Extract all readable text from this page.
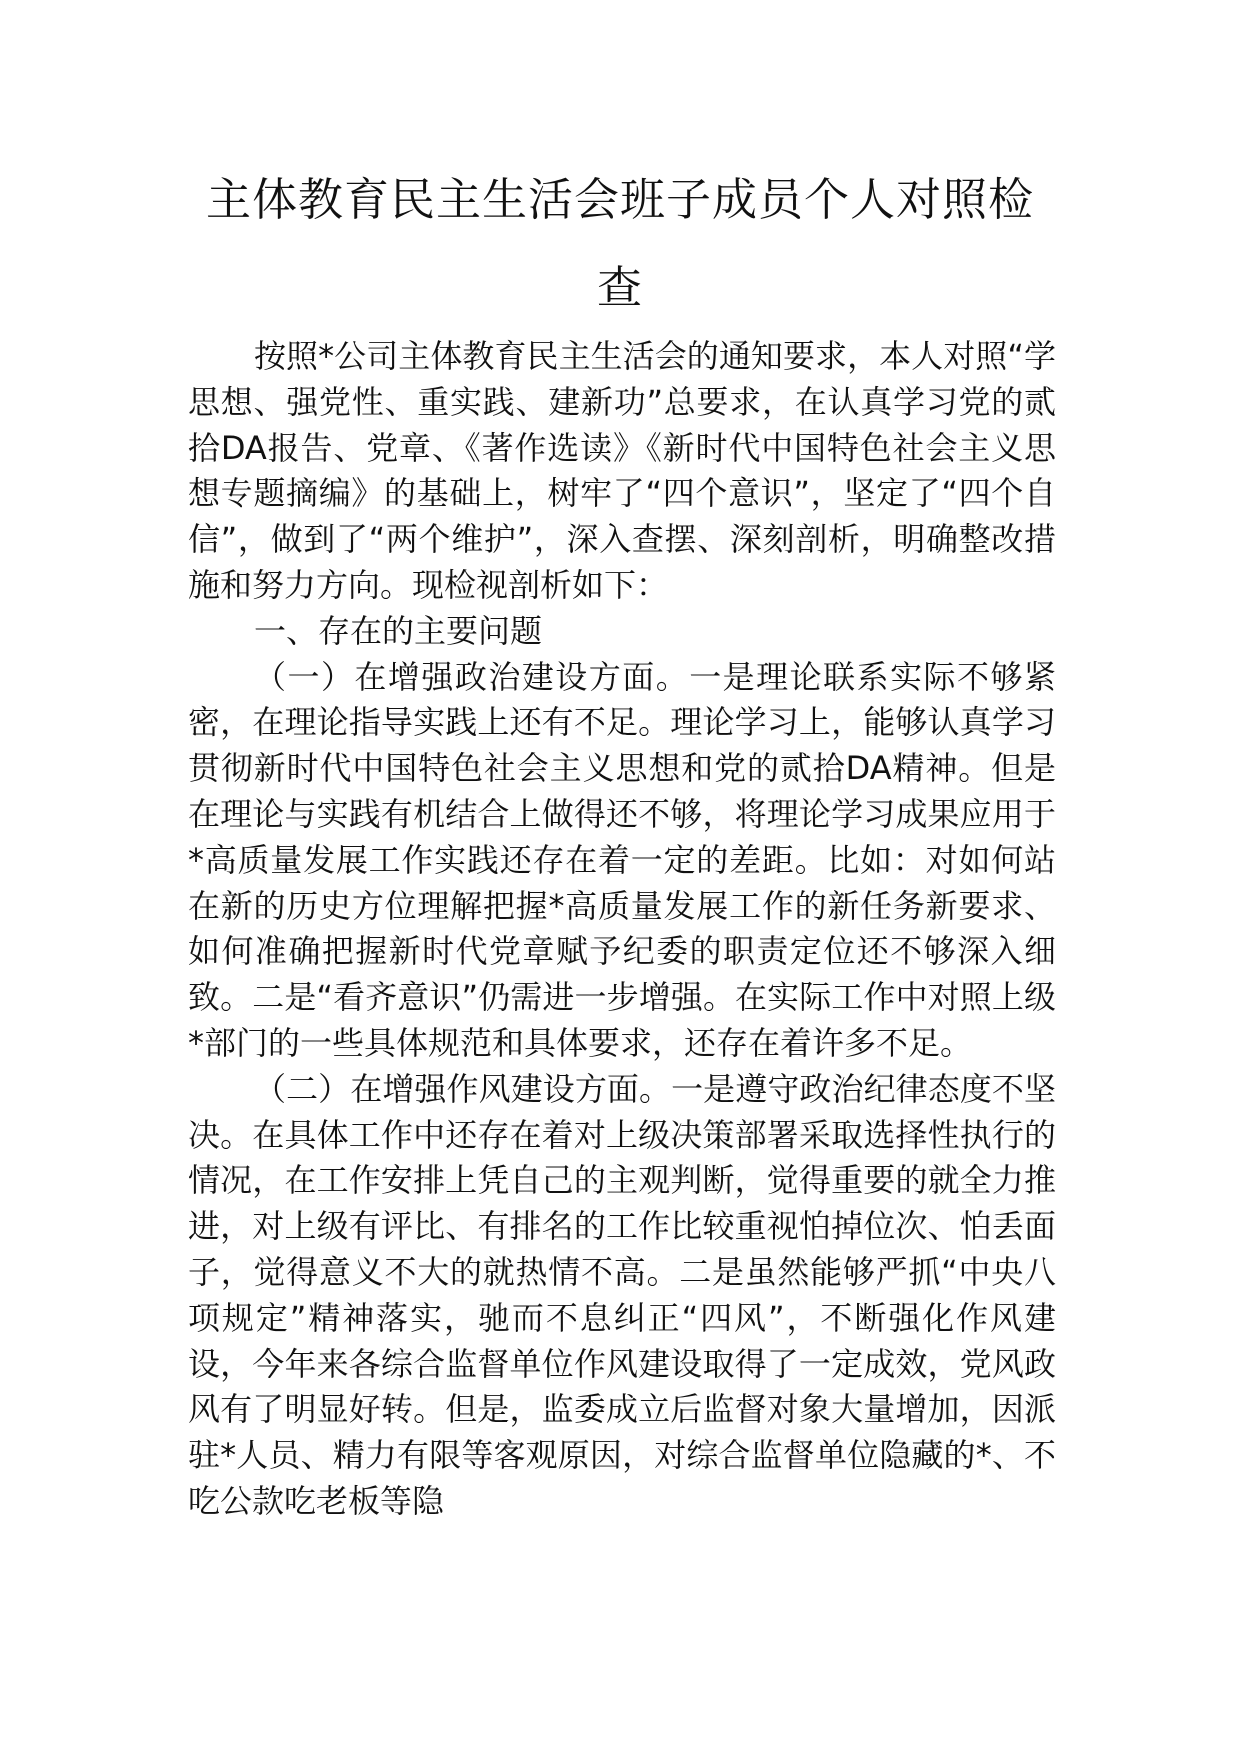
主体教育民主生活会班子成员个人对照检
查

按照*公司主体教育民主生活会的通知要求，本人对照“学思想、强党性、重实践、建新功”总要求，在认真学习党的贰拾DA报告、党章、《著作选读》《新时代中国特色社会主义思想专题摘编》的基础上，树牢了“四个意识”，坚定了“四个自信”，做到了“两个维护”，深入查摆、深刻剖析，明确整改措施和努力方向。现检视剖析如下：

一、存在的主要问题

（一）在增强政治建设方面。一是理论联系实际不够紧密，在理论指导实践上还有不足。理论学习上，能够认真学习贯彻新时代中国特色社会主义思想和党的贰拾DA精神。但是在理论与实践有机结合上做得还不够，将理论学习成果应用于*高质量发展工作实践还存在着一定的差距。比如：对如何站在新的历史方位理解把握*高质量发展工作的新任务新要求、如何准确把握新时代党章赋予纪委的职责定位还不够深入细致。二是“看齐意识”仍需进一步增强。在实际工作中对照上级*部门的一些具体规范和具体要求，还存在着许多不足。

（二）在增强作风建设方面。一是遵守政治纪律态度不坚决。在具体工作中还存在着对上级决策部署采取选择性执行的情况，在工作安排上凭自己的主观判断，觉得重要的就全力推进，对上级有评比、有排名的工作比较重视怕掉位次、怕丢面子，觉得意义不大的就热情不高。二是虽然能够严抓“中央八项规定”精神落实，驰而不息纠正“四风”，不断强化作风建设，今年来各综合监督单位作风建设取得了一定成效，党风政风有了明显好转。但是，监委成立后监督对象大量增加，因派驻*人员、精力有限等客观原因，对综合监督单位隐藏的*、不吃公款吃老板等隐
